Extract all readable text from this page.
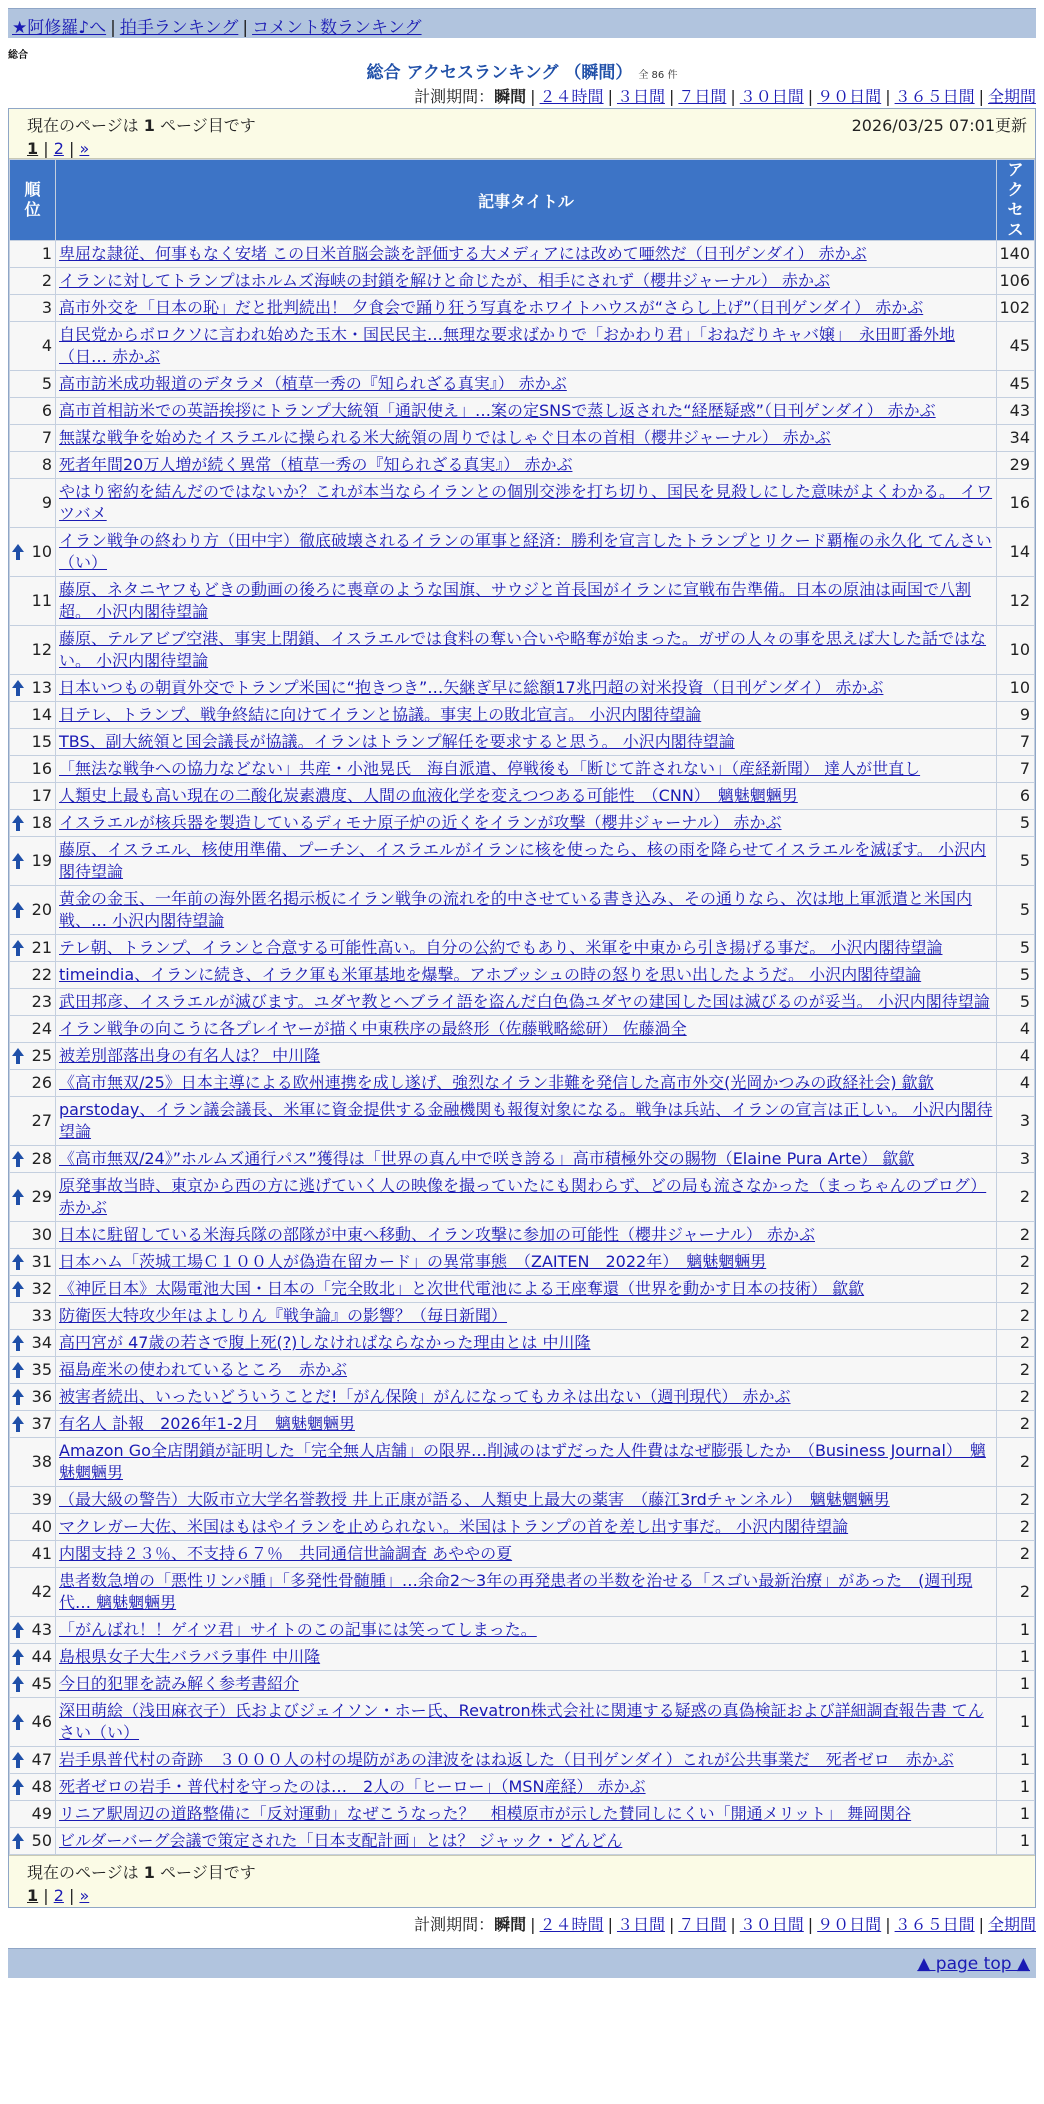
★阿修羅♪へ | 拍手ランキング | コメント数ランキング
総合
総合 アクセスランキング （瞬間） 全 86 件
計測期間：瞬間 | ２４時間 | ３日間 | ７日間 | ３０日間 | ９０日間 | ３６５日間 | 全期間
現在のページは 1 ページ目です	2026/03/25 07:01更新
1 | 2 | »
順位	記事タイトル	アクセス
1	卑屈な隷従、何事もなく安堵 この日米首脳会談を評価する大メディアには改めて唖然だ（日刊ゲンダイ） 赤かぶ	140
2	イランに対してトランプはホルムズ海峡の封鎖を解けと命じたが、相手にされず（櫻井ジャーナル） 赤かぶ	106
3	高市外交を「日本の恥」だと批判続出！ 夕食会で踊り狂う写真をホワイトハウスが“さらし上げ”（日刊ゲンダイ） 赤かぶ	102
4	自民党からボロクソに言われ始めた玉木・国民民主…無理な要求ばかりで「おかわり君」「おねだりキャバ嬢」　永田町番外地（日… 赤かぶ	45
5	高市訪米成功報道のデタラメ（植草一秀の『知られざる真実』） 赤かぶ	45
6	高市首相訪米での英語挨拶にトランプ大統領「通訳使え」…案の定SNSで蒸し返された“経歴疑惑”（日刊ゲンダイ） 赤かぶ	43
7	無謀な戦争を始めたイスラエルに操られる米大統領の周りではしゃぐ日本の首相（櫻井ジャーナル） 赤かぶ	34
8	死者年間20万人増が続く異常（植草一秀の『知られざる真実』） 赤かぶ	29
9	やはり密約を結んだのではないか？これが本当ならイランとの個別交渉を打ち切り、国民を見殺しにした意味がよくわかる。 イワツバメ	16

10	イラン戦争の終わり方（田中宇）徹底破壊されるイランの軍事と経済：勝利を宣言したトランプとリクード覇権の永久化 てんさい（い）	14
11	藤原、ネタニヤフもどきの動画の後ろに喪章のような国旗、サウジと首長国がイランに宣戦布告準備。日本の原油は両国で八割超。 小沢内閣待望論	12
12	藤原、テルアビブ空港、事実上閉鎖、イスラエルでは食料の奪い合いや略奪が始まった。ガザの人々の事を思えば大した話ではない。 小沢内閣待望論	10

13	日本いつもの朝貢外交でトランプ米国に“抱きつき”…矢継ぎ早に総額17兆円超の対米投資（日刊ゲンダイ） 赤かぶ	10
14	日テレ、トランプ、戦争終結に向けてイランと協議。事実上の敗北宣言。 小沢内閣待望論	9
15	TBS、副大統領と国会議長が協議。イランはトランプ解任を要求すると思う。 小沢内閣待望論	7
16	「無法な戦争への協力などない」共産・小池晃氏　海自派遣、停戦後も「断じて許されない」（産経新聞） 達人が世直し	7
17	人類史上最も高い現在の二酸化炭素濃度、人間の血液化学を変えつつある可能性　（CNN）　魑魅魍魎男	6

18	イスラエルが核兵器を製造しているディモナ原子炉の近くをイランが攻撃（櫻井ジャーナル） 赤かぶ	5

19	藤原、イスラエル、核使用準備、プーチン、イスラエルがイランに核を使ったら、核の雨を降らせてイスラエルを滅ぼす。 小沢内閣待望論	5

20	黄金の金玉、一年前の海外匿名掲示板にイラン戦争の流れを的中させている書き込み、その通りなら、次は地上軍派遣と米国内戦、… 小沢内閣待望論	5

21	テレ朝、トランプ、イランと合意する可能性高い。自分の公約でもあり、米軍を中東から引き揚げる事だ。 小沢内閣待望論	5
22	timeindia、イランに続き、イラク軍も米軍基地を爆撃。アホブッシュの時の怒りを思い出したようだ。 小沢内閣待望論	5
23	武田邦彦、イスラエルが滅びます。ユダヤ教とヘブライ語を盗んだ白色偽ユダヤの建国した国は滅びるのが妥当。 小沢内閣待望論	5
24	イラン戦争の向こうに各プレイヤーが描く中東秩序の最終形（佐藤戦略総研） 佐藤渦全	4

25	被差別部落出身の有名人は？ 中川隆	4
26	《高市無双/25》日本主導による欧州連携を成し遂げ、強烈なイラン非難を発信した高市外交(光岡かつみの政経社会) 歙歙	4
27	parstoday、イラン議会議長、米軍に資金提供する金融機関も報復対象になる。戦争は兵站、イランの宣言は正しい。 小沢内閣待望論	3

28	《高市無双/24》”ホルムズ通行パス”獲得は「世界の真ん中で咲き誇る」高市積極外交の賜物（Elaine Pura Arte） 歙歙	3

29	原発事故当時、東京から西の方に逃げていく人の映像を撮っていたにも関わらず、どの局も流さなかった（まっちゃんのブログ） 赤かぶ	2
30	日本に駐留している米海兵隊の部隊が中東へ移動、イラン攻撃に参加の可能性（櫻井ジャーナル） 赤かぶ	2

31	日本ハム「茨城工場Ｃ１００人が偽造在留カード」の異常事態　（ZAITEN　2022年）　魑魅魍魎男	2

32	《神匠日本》太陽電池大国・日本の「完全敗北」と次世代電池による王座奪還（世界を動かす日本の技術） 歙歙	2
33	防衛医大特攻少年はよしりん『戦争論』の影響？（毎日新聞）	2

34	高円宮が 47歳の若さで腹上死(?)しなければならなかった理由とは 中川隆	2

35	福島産米の使われているところ　赤かぶ	2

36	被害者続出、いったいどういうことだ!「がん保険」がんになってもカネは出ない（週刊現代） 赤かぶ	2

37	有名人 訃報　2026年1-2月　魑魅魍魎男	2
38	Amazon Go全店閉鎖が証明した「完全無人店舗」の限界…削減のはずだった人件費はなぜ膨張したか　（Business Journal）　魑魅魍魎男	2
39	（最大級の警告）大阪市立大学名誉教授 井上正康が語る、人類史上最大の薬害　（藤江3rdチャンネル）　魑魅魍魎男	2
40	マクレガー大佐、米国はもはやイランを止められない。米国はトランプの首を差し出す事だ。 小沢内閣待望論	2
41	内閣支持２３％、不支持６７％　共同通信世論調査 あややの夏	2
42	患者数急増の「悪性リンパ腫」「多発性骨髄腫」…余命2～3年の再発患者の半数を治せる「スゴい最新治療」があった　(週刊現代… 魑魅魍魎男	2

43	「がんばれ！！ゲイツ君」サイトのこの記事には笑ってしまった。	1

44	島根県女子大生バラバラ事件 中川隆	1

45	今日的犯罪を読み解く参考書紹介	1

46	深田萌絵（浅田麻衣子）氏およびジェイソン・ホー氏、Revatron株式会社に関連する疑惑の真偽検証および詳細調査報告書 てんさい（い）	1

47	岩手県普代村の奇跡　３０００人の村の堤防があの津波をはね返した（日刊ゲンダイ）これが公共事業だ　死者ゼロ　赤かぶ	1

48	死者ゼロの岩手・普代村を守ったのは…　2人の「ヒーロー」（MSN産経） 赤かぶ	1
49	リニア駅周辺の道路整備に「反対運動」なぜこうなった？　相模原市が示した賛同しにくい「開通メリット」 舞岡関谷	1

50	ビルダーバーグ会議で策定された「日本支配計画」とは？ ジャック・どんどん	1
現在のページは 1 ページ目です
1 | 2 | »
計測期間：瞬間 | ２４時間 | ３日間 | ７日間 | ３０日間 | ９０日間 | ３６５日間 | 全期間
▲ page top ▲
